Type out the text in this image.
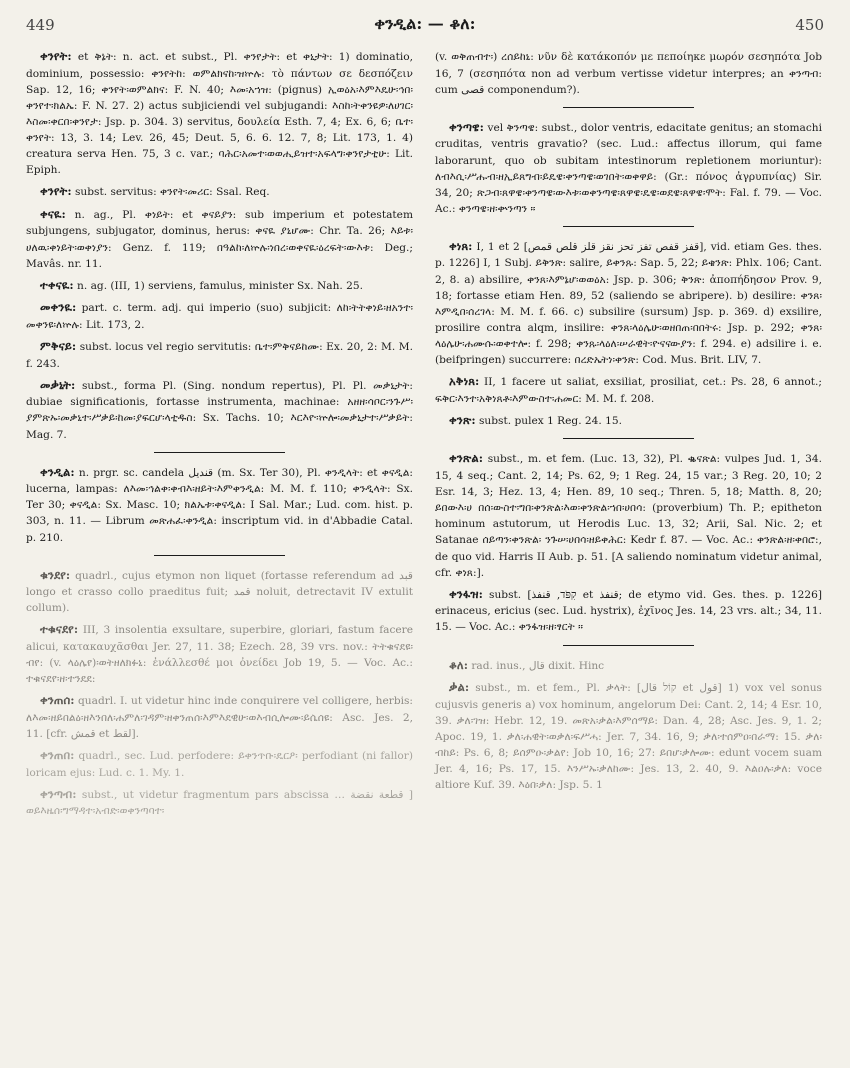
449	ቀንዲል: — ቆለ:	450

ቀንየት: et ቅኔት: n. act. et subst., Pl. ቀንየታት: et ቀኒታት: 1) dominatio, dominium, possessio: ቀንየትከ: ወምልክናከ፡ዝኵሉ: τὸ πάντων σε δεσπόζειν Sap. 12, 16; ቀንየት፡ወምልክና: F. N. 40; እመ፡አኀዝ: (pignus) ኢወዕአ፡እምእዴሁ፡ኅበ፡ቀንየተ፡ክልኤ: F. N. 27. 2) actus subjiciendi vel subjugandi: እስከ፡ትቀንዩዎ፡ለሀገር፡እስመ፡ቀርበ፡ቀንየታ: Jsp. p. 304. 3) servitus, δουλεία Esth. 7, 4; Ex. 6, 6; ቤተ፡ቀንየት: 13, 3. 14; Lev. 26, 45; Deut. 5, 6. 6. 12. 7, 8; Lit. 173, 1. 4) creatura serva Hen. 75, 3 c. var.; ባሕር፡አመተ፡ወወሒይዝተ፡አፍላግ፡ቀንየታቲሁ: Lit. Epiph.

ቀንየት: subst. servitus: ቀንየት፡መሪር: Ssal. Req.

ቀናዪ: n. ag., Pl. ቀነይት: et ቀናይያን: sub imperium et potestatem subjungens, subjugator, dominus, herus: ቀናዪ ያኒሆሙ: Chr. Ta. 26; እይቱ፡ሀለዉ፡ቀነይት፡ወቀነያን: Genz. f. 119; በዓልከ፡ለኵሉ፡ነበረ፡ወቀናዪ፡ዕረፍት፡ውእቱ: Deg.; Mavâs. nr. 11.

ተቀናዪ: n. ag. (III, 1) serviens, famulus, minister Sx. Nah. 25.

መቀንዪ: part. c. term. adj. qui imperio (suo) subjicit: ለከ፡ትትቀነይ፡ዘአንተ፡መቀንዩ፡ለኵሉ: Lit. 173, 2.

ምቅናይ: subst. locus vel regio servitutis: ቤተ፡ምቅናይከሙ: Ex. 20, 2: M. M. f. 243.

መቃኒት: subst., forma Pl. (Sing. nondum repertus), Pl. Pl. መቃኒታት: dubiae significationis, fortasse instrumenta, machinae: አዘዘ፡ሳቦር፡ንጉሥ፡ያምጽኡ፡መቃኒተ፡ሥቃይ፡ከመ፡ያፍርሆ፡ላቲዱስ: Sx. Tachs. 10; እርእዮ፡ኵሎ፡መቃኒታተ፡ሥቃይት: Mag. 7.

ቀንዲል: n. prgr. sc. candela قنديل (m. Sx. Ter 30), Pl. ቀንዲላት: et ቀናዲል: lucerna, lampas: ለእመ፡ኅልቀ፡ቀብእ፡ዘይት፡እምቀንዲል: M. M. f. 110; ቀንዲላት: Sx. Ter 30; ቀናዲል: Sx. Masc. 10; ክልኤቱ፡ቀናዲል: I Sal. Mar.; Lud. com. hist. p. 303, n. 11. — Librum መጽሐፈ፡ቀንዲል: inscriptum vid. in d'Abbadie Catal. p. 210.

ቁንደየ: quadrl., cujus etymon non liquet (fortasse referendum ad قبد longo et crasso collo praeditus fuit; قمد noluit, detrectavit IV extulit collum).

ተቁናደየ: III, 3 insolentia exsultare, superbire, gloriari, fastum facere alicui, κατακαυχᾶσθαι Jer. 27, 11. 38; Ezech. 28, 39 vrs. nov.: ትትቁናደዩ፡ብየ: (v. ላዕሌየ)፡ወትዘለክፉኒ: ἐνάλλεσθέ μοι ὀνείδει Job 19, 5. — Voc. Ac.: ተቁናደየ፡ዘ፡ተንደደ:

ቀንጠሰ: quadrl. I. ut videtur hinc inde conquirere vel colligere, herbis: ለእመ፡ዘይበልዕ፡ዘእንበለ፡ሐምለ፡ገዳም፡ዘቀንጠሰ፡እምእደዊሁ፡ወእብሲሎሙ፡ይሴሰዩ: Asc. Jes. 2, 11. [cfr. قمش et لقط].

ቀንጠበ: quadrl., sec. Lud. perfodere: ይቀንጥቡ፡ዴርዖ፡ perfodiant (ni fallor) loricam ejus: Lud. c. 1. My. 1.

ቀንጣብ: subst., ut videtur fragmentum pars abscissa … قطعة نقضة ] ወይእዜሰ፡ግማዳተ፡አብድ፡ወቀንጣባተ፡

(v. ወቅጠብተ፡) ረሰይከኒ: νῦν δὲ κατάκοπόν με πεποίηκε μωρόν σεσηπότα Job 16, 7 (σεσηπότα non ad verbum vertisse videtur interpres; an ቀንጣብ: cum قصى componendum?).

ቀንጣዌ: vel ቅንጣዌ: subst., dolor ventris, edacitate genitus; an stomachi cruditas, ventris gravatio? (sec. Lud.: affectus illorum, qui fame laborarunt, quo ob subitam intestinorum repletionem moriuntur): ለብእሲ፡ሥሑብ፡ዘኢይጸግብ፡ይዴዌ፡ቀንጣዌ፡ወገበት፡ወቀዋይ: (Gr.: πόνος ἀγρυπνίας) Sir. 34, 20; ጽጋብ፡ጸዋዌ፡ቀንጣዌ፡ውእቱ፡ወቀንጣዌ፡ጸዋዌ፡ዴዌ፡ወደዌ፡ጸዋዌ፡ሞት: Fal. f. 79. — Voc. Ac.: ቀንጣዌ፡ዘ፡ቍንጣን ።

ቀነጸ: I, 1 et 2 [قفز قفص تفز تحز نقز قلز قلص قمص], vid. etiam Ges. thes. p. 1226] I, 1 Subj. ይቅንጽ: salire, ይቀንጹ: Sap. 5, 22; ይቄንጽ: Phlx. 106; Cant. 2, 8. a) absilire, ቀንጸ፡እምኔሆ፡ወወዕአ: Jsp. p. 306; ቅንጽ: ἀποπήδησον Prov. 9, 18; fortasse etiam Hen. 89, 52 (saliendo se abripere). b) desilire: ቀንጸ፡እምዲበ፡ሰረገላ: M. M. f. 66. c) subsilire (sursum) Jsp. p. 369. d) exsilire, prosilire contra alqm, insilire: ቀንጸ፡ላዕሌሁ፡ወዘበጠ፡በበትሩ: Jsp. p. 292; ቀንጸ፡ላዕሌሁ፡ሐሙሱ፡ወቀተሎ: f. 298; ቀንጹ፡ላዕለ፡ሠራዊት፡ዮናናውያን: f. 294. e) adsilire i. e. (beifpringen) succurrere: በረድኤትነ፡ቀንጽ: Cod. Mus. Brit. LIV, 7.

አቅነጸ: II, 1 facere ut saliat, exsiliat, prosiliat, cet.: Ps. 28, 6 annot.; ፍቅር፡እንተ፡አቅነጸቶ፡እምውስተ፡ሐመር: M. M. f. 208.

ቀንጽ: subst. pulex 1 Reg. 24. 15.

ቀንጽል: subst., m. et fem. (Luc. 13, 32), Pl. ቈናጽል: vulpes Jud. 1, 34. 15, 4 seq.; Cant. 2, 14; Ps. 62, 9; 1 Reg. 24, 15 var.; 3 Reg. 20, 10; 2 Esr. 14, 3; Hez. 13, 4; Hen. 89, 10 seq.; Thren. 5, 18; Matth. 8, 20; ይበውእ፡ሀ በሰ፡ውስተ፡ግበ፡ቀንጽል፡እወ፡ቀንጽል፡ኀበ፡ሀበሳ: (proverbium) Th. P.; epitheton hominum astutorum, ut Herodis Luc. 13, 32; Arii, Sal. Nic. 2; et Satanae ሰይጣን፡ቀንጽል፡ ንጉሠ፡ሀበሳ፡ዘይቀሕር: Kedr f. 87. — Voc. Ac.: ቀንጽል፡ዘ፡ቀበሮ:, de quo vid. Harris II Aub. p. 51. [A saliendo nominatum videtur animal, cfr. ቀነጸ:].

ቀንፋዝ: subst. [קִפֹּד, قنفذ et قنفذ; de etymo vid. Ges. thes. p. 1226] erinaceus, ericius (sec. Lud. hystrix), ἐχῖνος Jes. 14, 23 vrs. alt.; 34, 11. 15. — Voc. Ac.: ቀንፋዝ፡ዘ፡ፃርት ።

ቆለ: rad. inus., قال dixit. Hinc

ቃል: subst., m. et fem., Pl. ቃላት: [קוֹל قال et قول] 1) vox vel sonus cujusvis generis a) vox hominum, angelorum Dei: Cant. 2, 14; 4 Esr. 10, 39. ቃለ፡ገዝ: Hebr. 12, 19. መጽአ፡ቃል፡እምሰማይ: Dan. 4, 28; Asc. Jes. 9, 1. 2; Apoc. 19, 1. ቃለ፡ሐዊት፡ወቃለ፡ፍሥሓ: Jer. 7, 34. 16, 9; ቃለ፡ተሰምዐ፡በራማ: 15. ቃለ፡ብከይ: Ps. 6, 8; ይሰምዑ፡ቃልየ: Job 10, 16; 27: ይበሆ፡ቃሎሙ: edunt vocem suam Jer. 4, 16; Ps. 17, 15. እንሥኡ፡ቃለከሙ: Jes. 13, 2. 40, 9. እልዐሉ፡ቃለ: voce altiore Kuf. 39. እዕበ፡ቃለ: Jsp. 5. 1
